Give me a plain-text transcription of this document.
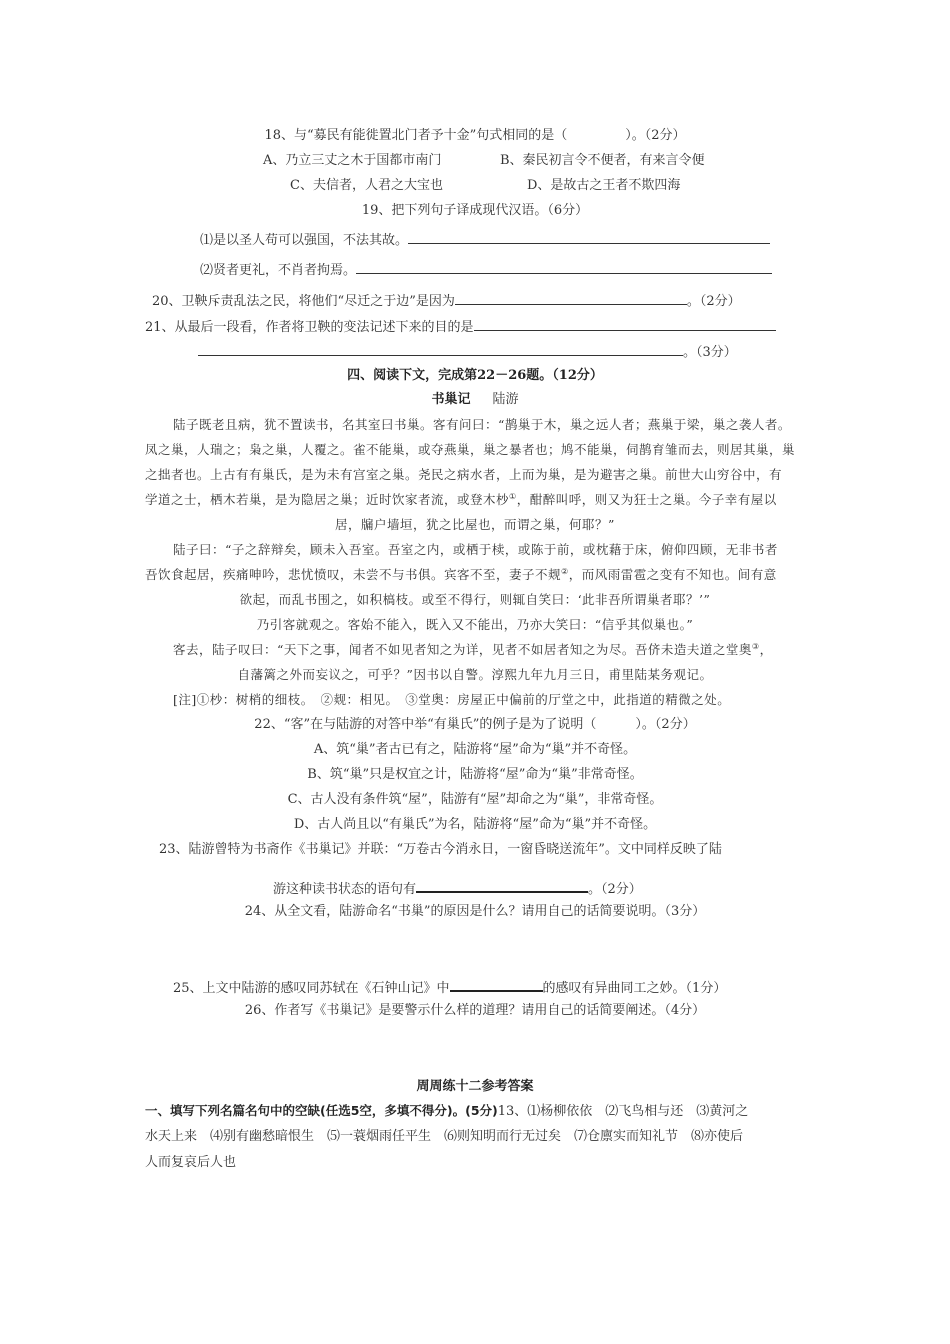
18、与“募民有能徙置北门者予十金”句式相同的是（	）。（2分）
A、乃立三丈之木于国都市南门	B、秦民初言令不便者，有来言令便
C、夫信者，人君之大宝也	D、是故古之王者不欺四海
19、把下列句子译成现代汉语。（6分）
⑴是以圣人苟可以强国，不法其故。
⑵贤者更礼，不肖者拘焉。
20、卫鞅斥责乱法之民，将他们“尽迁之于边”是因为	。（2分）
21、从最后一段看，作者将卫鞅的变法记述下来的目的是
。（3分）
四、阅读下文，完成第22－26题。（12分）
书巢记 陆游
陆子既老且病，犹不置读书，名其室曰书巢。客有问曰：“鹊巢于木，巢之远人者；燕巢于梁，巢之袭人者。
凤之巢，人瑞之；枭之巢，人覆之。雀不能巢，或夺燕巢，巢之暴者也；鸠不能巢，伺鹊育雏而去，则居其巢，巢
之拙者也。上古有有巢氏，是为未有宫室之巢。尧民之病水者，上而为巢，是为避害之巢。前世大山穷谷中，有
学道之士，栖木若巢，是为隐居之巢；近时饮家者流，或登木杪①，酣醉叫呼，则又为狂士之巢。今子幸有屋以
居，牖户墙垣，犹之比屋也，而谓之巢，何耶？”
陆子曰：“子之辞辩矣，顾未入吾室。吾室之内，或栖于椟，或陈于前，或枕藉于床，俯仰四顾，无非书者
吾饮食起居，疾痛呻吟，悲忧愤叹，未尝不与书俱。宾客不至，妻子不觌②，而风雨雷雹之变有不知也。间有意
欲起，而乱书围之，如积槁枝。或至不得行，则辄自笑曰：‘此非吾所谓巢者耶？’”
乃引客就观之。客始不能入，既入又不能出，乃亦大笑曰：“信乎其似巢也。”
客去，陆子叹曰：“天下之事，闻者不如见者知之为详，见者不如居者知之为尽。吾侪未造夫道之堂奥③，
自藩篱之外而妄议之，可乎？”因书以自警。淳熙九年九月三日，甫里陆某务观记。
[注]①杪：树梢的细枝。　②觌：相见。　③堂奥：房屋正中偏前的厅堂之中，此指道的精微之处。
22、“客”在与陆游的对答中举“有巢氏”的例子是为了说明（　　　）。（2分）
A、筑“巢”者古已有之，陆游将“屋”命为“巢”并不奇怪。
B、筑“巢”只是权宜之计，陆游将“屋”命为“巢”非常奇怪。
C、古人没有条件筑“屋”，陆游有“屋”却命之为“巢”，非常奇怪。
D、古人尚且以“有巢氏”为名，陆游将“屋”命为“巢”并不奇怪。
23、陆游曾特为书斋作《书巢记》并联：“万卷古今消永日，一窗昏晓送流年”。文中同样反映了陆
游这种读书状态的语句有	。（2分）
24、从全文看，陆游命名“书巢”的原因是什么？请用自己的话简要说明。（3分）
25、上文中陆游的感叹同苏轼在《石钟山记》中	的感叹有异曲同工之妙。（1分）
26、作者写《书巢记》是要警示什么样的道理？请用自己的话简要阐述。（4分）
周周练十二参考答案
一、填写下列名篇名句中的空缺(任选5空，多填不得分)。(5分)13、⑴杨柳依依　⑵飞鸟相与还　⑶黄河之
水天上来　⑷别有幽愁暗恨生　⑸一蓑烟雨任平生　⑹则知明而行无过矣　⑺仓廪实而知礼节　⑻亦使后
人而复哀后人也
